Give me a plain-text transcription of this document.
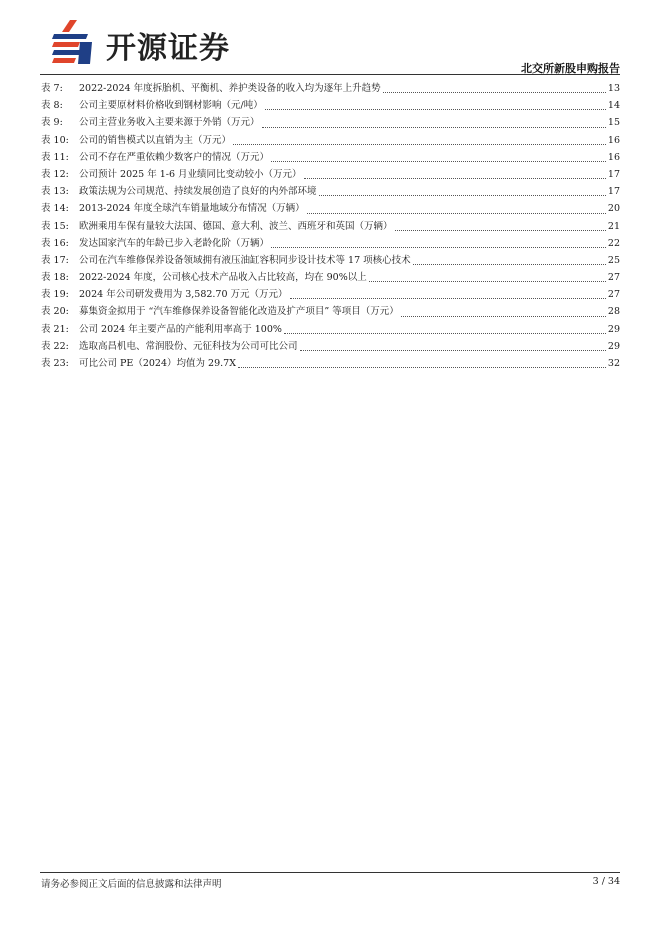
开源证券
北交所新股申购报告
表 7:	2022-2024 年度拆胎机、平衡机、养护类设备的收入均为逐年上升趋势	13
表 8:	公司主要原材料价格收到钢材影响（元/吨）	14
表 9:	公司主营业务收入主要来源于外销（万元）	15
表 10:	公司的销售模式以直销为主（万元）	16
表 11:	公司不存在严重依赖少数客户的情况（万元）	16
表 12:	公司预计 2025 年 1-6 月业绩同比变动较小（万元）	17
表 13:	政策法规为公司规范、持续发展创造了良好的内外部环境	17
表 14:	2013-2024 年度全球汽车销量地域分布情况（万辆）	20
表 15:	欧洲乘用车保有量较大法国、德国、意大利、波兰、西班牙和英国（万辆）	21
表 16:	发达国家汽车的年龄已步入老龄化阶（万辆）	22
表 17:	公司在汽车维修保养设备领域拥有液压油缸容积同步设计技术等 17 项核心技术	25
表 18:	2022-2024 年度，公司核心技术产品收入占比较高，均在 90%以上	27
表 19:	2024 年公司研发费用为 3,582.70 万元（万元）	27
表 20:	募集资金拟用于 “汽车维修保养设备智能化改造及扩产项目” 等项目（万元）	28
表 21:	公司 2024 年主要产品的产能利用率高于 100%	29
表 22:	选取高昌机电、常润股份、元征科技为公司可比公司	29
表 23:	可比公司 PE（2024）均值为 29.7X	32
请务必参阅正文后面的信息披露和法律声明	3 / 34
